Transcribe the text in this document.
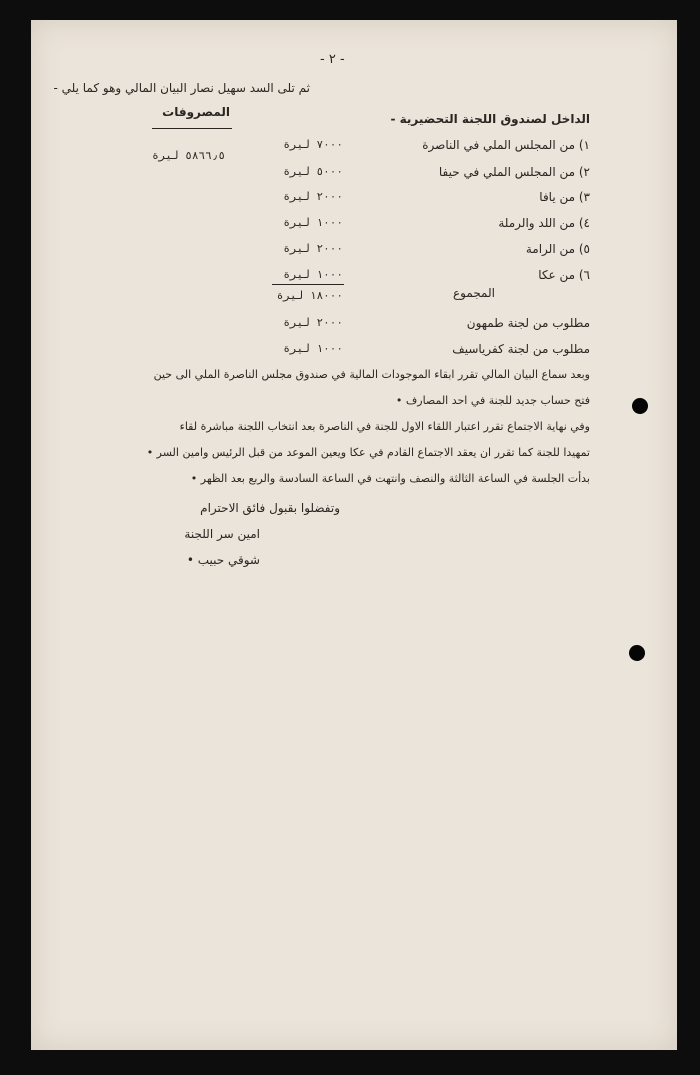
- ٢ -
ثم تلى السد سهيل نصار البيان المالي وهو كما يلي -
الداخل لصندوق اللجنة التحضيرية -
المصروفات
٥٨٦٦٫٥ ليرة
١) من المجلس الملي في الناصرة
٧٠٠٠ ليرة
٢) من المجلس الملي في حيفا
٥٠٠٠ ليرة
٣) من يافا
٢٠٠٠ ليرة
٤) من اللد والرملة
١٠٠٠ ليرة
٥) من الرامة
٢٠٠٠ ليرة
٦) من عكا
١٠٠٠ ليرة
المجموع
١٨٠٠٠ ليرة
مطلوب من لجنة طمهون
٢٠٠٠ ليرة
مطلوب من لجنة كفرياسيف
١٠٠٠ ليرة
وبعد سماع البيان المالي تقرر ابقاء الموجودات المالية في صندوق مجلس الناصرة الملي الى حين
فتح حساب جديد للجنة في احد المصارف •
وفي نهاية الاجتماع تقرر اعتبار اللقاء الاول للجنة في الناصرة بعد انتخاب اللجنة مباشرة لقاء
تمهيدا للجنة كما تقرر ان يعقد الاجتماع القادم في عكا ويعين الموعد من قبل الرئيس وامين السر •
بدأت الجلسة في الساعة الثالثة والنصف وانتهت في الساعة السادسة والربع بعد الظهر •
وتفضلوا بقبول فائق الاحترام
امين سر اللجنة
شوقي حبيب •
